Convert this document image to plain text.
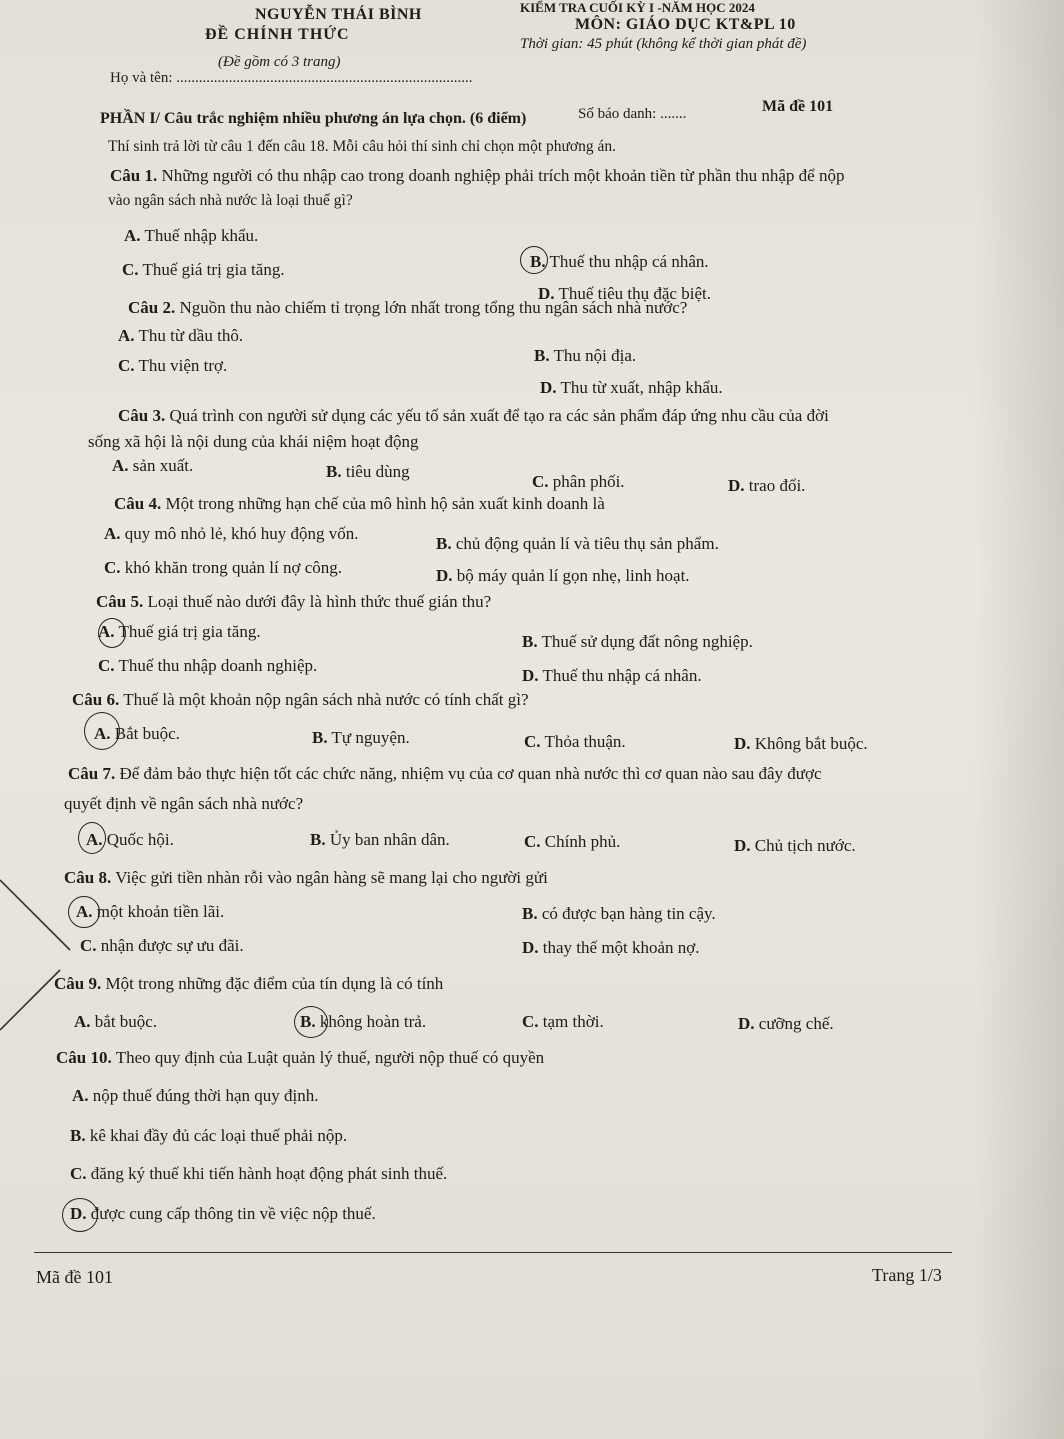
NGUYỄN THÁI BÌNH
ĐỀ CHÍNH THỨC
(Đề gồm có 3 trang)
KIỂM TRA CUỐI KỲ I -NĂM HỌC 2024
MÔN: GIÁO DỤC KT&PL 10
Thời gian: 45 phút (không kể thời gian phát đề)
Họ và tên: ...............................................................................
Số báo danh: .......	Mã đề 101
PHẦN I/ Câu trắc nghiệm nhiều phương án lựa chọn. (6 điểm)
Thí sinh trả lời từ câu 1 đến câu 18. Mỗi câu hỏi thí sinh chỉ chọn một phương án.
Câu 1. Những người có thu nhập cao trong doanh nghiệp phải trích một khoản tiền từ phần thu nhập để nộp
vào ngân sách nhà nước là loại thuế gì?
A. Thuế nhập khẩu.
B. Thuế thu nhập cá nhân.
C. Thuế giá trị gia tăng.
D. Thuế tiêu thụ đặc biệt.
Câu 2. Nguồn thu nào chiếm tỉ trọng lớn nhất trong tổng thu ngân sách nhà nước?
A. Thu từ dầu thô.
B. Thu nội địa.
C. Thu viện trợ.
D. Thu từ xuất, nhập khẩu.
Câu 3. Quá trình con người sử dụng các yếu tố sản xuất để tạo ra các sản phẩm đáp ứng nhu cầu của đời
sống xã hội là nội dung của khái niệm hoạt động
A. sản xuất.	B. tiêu dùng
C. phân phối.	D. trao đổi.
Câu 4. Một trong những hạn chế của mô hình hộ sản xuất kinh doanh là
A. quy mô nhỏ lẻ, khó huy động vốn.
B. chủ động quản lí và tiêu thụ sản phẩm.
C. khó khăn trong quản lí nợ công.	D. bộ máy quản lí gọn nhẹ, linh hoạt.
Câu 5. Loại thuế nào dưới đây là hình thức thuế gián thu?
A. Thuế giá trị gia tăng.
B. Thuế sử dụng đất nông nghiệp.
C. Thuế thu nhập doanh nghiệp.
D. Thuế thu nhập cá nhân.
Câu 6. Thuế là một khoản nộp ngân sách nhà nước có tính chất gì?
A. Bắt buộc.	B. Tự nguyện.	C. Thỏa thuận.	D. Không bắt buộc.
Câu 7. Để đảm bảo thực hiện tốt các chức năng, nhiệm vụ của cơ quan nhà nước thì cơ quan nào sau đây được
quyết định về ngân sách nhà nước?
A. Quốc hội.	B. Ủy ban nhân dân.	C. Chính phủ.	D. Chủ tịch nước.
Câu 8. Việc gửi tiền nhàn rỗi vào ngân hàng sẽ mang lại cho người gửi
A. một khoản tiền lãi.	B. có được bạn hàng tin cậy.
C. nhận được sự ưu đãi.	D. thay thế một khoản nợ.
Câu 9. Một trong những đặc điểm của tín dụng là có tính
A. bắt buộc.	B. không hoàn trả.	C. tạm thời.	D. cưỡng chế.
Câu 10. Theo quy định của Luật quản lý thuế, người nộp thuế có quyền
A. nộp thuế đúng thời hạn quy định.
B. kê khai đầy đủ các loại thuế phải nộp.
C. đăng ký thuế khi tiến hành hoạt động phát sinh thuế.
D. được cung cấp thông tin về việc nộp thuế.
Mã đề 101	Trang 1/3
